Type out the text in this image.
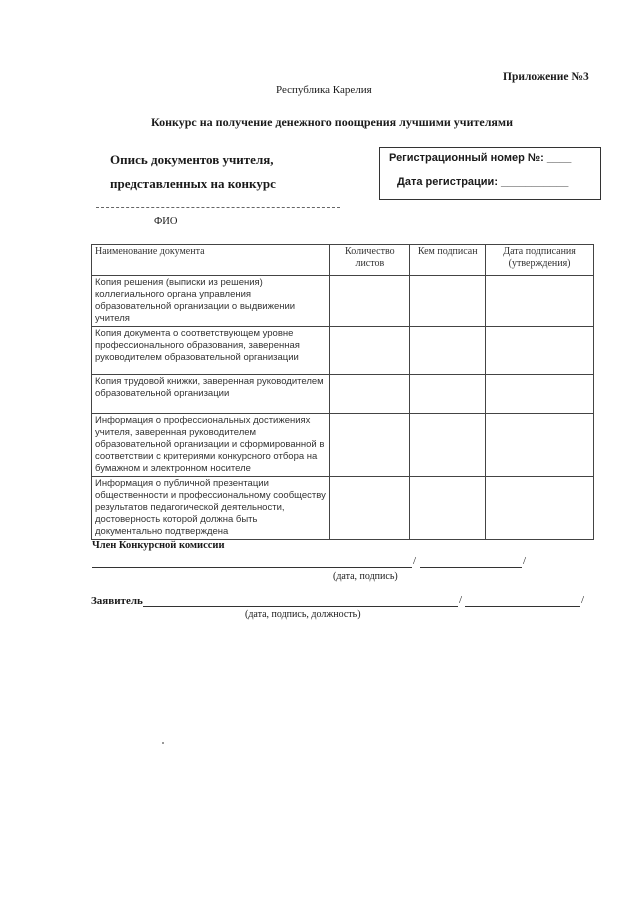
Приложение №3
Республика Карелия
Конкурс на получение денежного поощрения лучшими учителями
Опись документов учителя,
представленных на конкурс
Регистрационный номер №: ____
Дата регистрации: ___________
ФИО
Наименование документа	Количество листов	Кем подписан	Дата подписания (утверждения)
Копия решения (выписки из решения) коллегиального органа управления образовательной организации о выдвижении учителя			
Копия документа о соответствующем уровне профессионального образования, заверенная руководителем образовательной организации			
Копия трудовой книжки, заверенная руководителем образовательной организации			
Информация о профессиональных достижениях учителя, заверенная руководителем образовательной организации и сформированной в соответствии с критериями конкурсного отбора на бумажном и электронном носителе			
Информация о публичной презентации общественности и профессиональному сообществу результатов педагогической деятельности, достоверность которой должна быть документально подтверждена			
Член Конкурсной комиссии
/	/
(дата, подпись)
Заявитель	/	/
(дата, подпись, должность)
